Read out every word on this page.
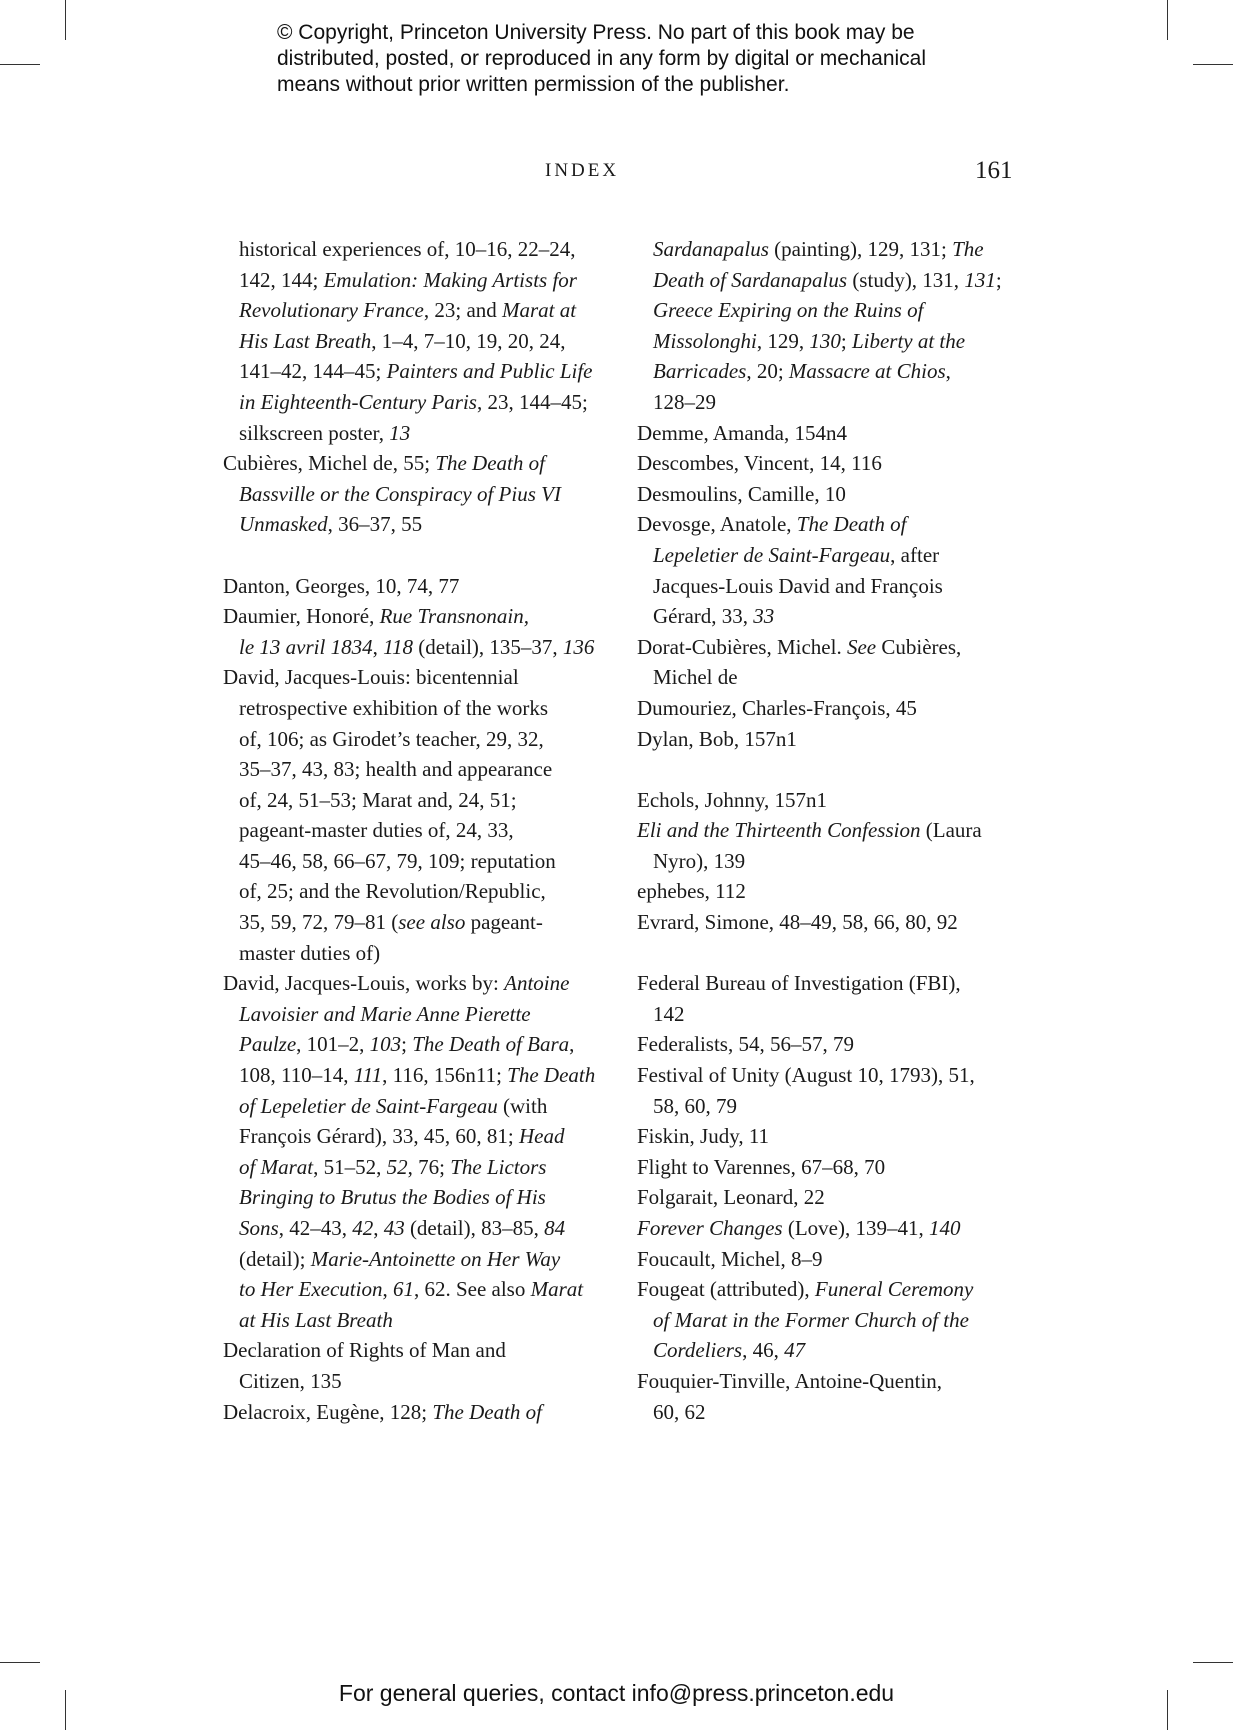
© Copyright, Princeton University Press. No part of this book may be
distributed, posted, or reproduced in any form by digital or mechanical
means without prior written permission of the publisher.
INDEX	161
historical experiences of, 10–16, 22–24,
142, 144; Emulation: Making Artists for
Revolutionary France, 23; and Marat at
His Last Breath, 1–4, 7–10, 19, 20, 24,
141–42, 144–45; Painters and Public Life
in Eighteenth-Century Paris, 23, 144–45;
silkscreen poster, 13
Cubières, Michel de, 55; The Death of
Bassville or the Conspiracy of Pius VI
Unmasked, 36–37, 55
Danton, Georges, 10, 74, 77
Daumier, Honoré, Rue Transnonain,
le 13 avril 1834, 118 (detail), 135–37, 136
David, Jacques-Louis: bicentennial
retrospective exhibition of the works
of, 106; as Girodet’s teacher, 29, 32,
35–37, 43, 83; health and appearance
of, 24, 51–53; Marat and, 24, 51;
pageant-master duties of, 24, 33,
45–46, 58, 66–67, 79, 109; reputation
of, 25; and the Revolution/Republic,
35, 59, 72, 79–81 (see also pageant-
master duties of)
David, Jacques-Louis, works by: Antoine
Lavoisier and Marie Anne Pierette
Paulze, 101–2, 103; The Death of Bara,
108, 110–14, 111, 116, 156n11; The Death
of Lepeletier de Saint-Fargeau (with
François Gérard), 33, 45, 60, 81; Head
of Marat, 51–52, 52, 76; The Lictors
Bringing to Brutus the Bodies of His
Sons, 42–43, 42, 43 (detail), 83–85, 84
(detail); Marie-Antoinette on Her Way
to Her Execution, 61, 62. See also Marat
at His Last Breath
Declaration of Rights of Man and
Citizen, 135
Delacroix, Eugène, 128; The Death of
Sardanapalus (painting), 129, 131; The
Death of Sardanapalus (study), 131, 131;
Greece Expiring on the Ruins of
Missolonghi, 129, 130; Liberty at the
Barricades, 20; Massacre at Chios,
128–29
Demme, Amanda, 154n4
Descombes, Vincent, 14, 116
Desmoulins, Camille, 10
Devosge, Anatole, The Death of
Lepeletier de Saint-Fargeau, after
Jacques-Louis David and François
Gérard, 33, 33
Dorat-Cubières, Michel. See Cubières,
Michel de
Dumouriez, Charles-François, 45
Dylan, Bob, 157n1
Echols, Johnny, 157n1
Eli and the Thirteenth Confession (Laura
Nyro), 139
ephebes, 112
Evrard, Simone, 48–49, 58, 66, 80, 92
Federal Bureau of Investigation (FBI),
142
Federalists, 54, 56–57, 79
Festival of Unity (August 10, 1793), 51,
58, 60, 79
Fiskin, Judy, 11
Flight to Varennes, 67–68, 70
Folgarait, Leonard, 22
Forever Changes (Love), 139–41, 140
Foucault, Michel, 8–9
Fougeat (attributed), Funeral Ceremony
of Marat in the Former Church of the
Cordeliers, 46, 47
Fouquier-Tinville, Antoine-Quentin,
60, 62
For general queries, contact info@press.princeton.edu
